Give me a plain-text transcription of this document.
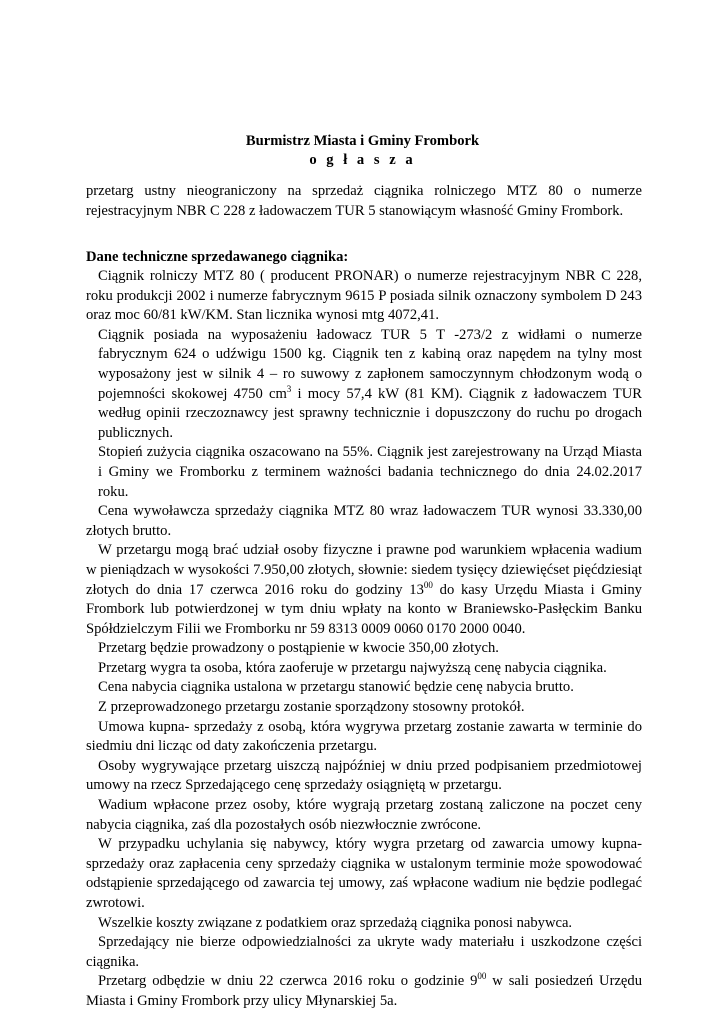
Burmistrz Miasta i Gminy Frombork
o g ł a s z a
przetarg ustny nieograniczony na sprzedaż ciągnika rolniczego MTZ 80 o numerze rejestracyjnym NBR C 228 z ładowaczem TUR 5 stanowiącym własność Gminy Frombork.
Dane techniczne sprzedawanego ciągnika:

Ciągnik rolniczy MTZ 80 ( producent PRONAR) o numerze rejestracyjnym NBR C 228, roku produkcji 2002 i numerze fabrycznym 9615 P posiada silnik oznaczony symbolem D 243 oraz moc 60/81 kW/KM. Stan licznika wynosi mtg 4072,41.

Ciągnik posiada na wyposażeniu ładowacz TUR 5 T -273/2 z widłami o numerze fabrycznym 624 o udźwigu 1500 kg. Ciągnik ten z kabiną oraz napędem na tylny most wyposażony jest w silnik 4 – ro suwowy z zapłonem samoczynnym chłodzonym wodą o pojemności skokowej 4750 $cm^3$ i mocy 57,4 kW (81 KM). Ciągnik z ładowaczem TUR według opinii rzeczoznawcy jest sprawny technicznie i dopuszczony do ruchu po drogach publicznych.

Stopień zużycia ciągnika oszacowano na 55%. Ciągnik jest zarejestrowany na Urząd Miasta i Gminy we Fromborku z terminem ważności badania technicznego do dnia 24.02.2017 roku.

Cena wywoławcza sprzedaży ciągnika MTZ 80 wraz ładowaczem TUR wynosi 33.330,00 złotych brutto.

W przetargu mogą brać udział osoby fizyczne i prawne pod warunkiem wpłacenia wadium w pieniądzach w wysokości 7.950,00 złotych, słownie: siedem tysięcy dziewięćset pięćdziesiąt złotych do dnia 17 czerwca 2016 roku do godziny $13^{00}$ do kasy Urzędu Miasta i Gminy Frombork lub potwierdzonej w tym dniu wpłaty na konto w Braniewsko-Pasłęckim Banku Spółdzielczym Filii we Fromborku nr 59 8313 0009 0060 0170 2000 0040.

Przetarg będzie prowadzony o postąpienie w kwocie 350,00 złotych.

Przetarg wygra ta osoba, która zaoferuje w przetargu najwyższą cenę nabycia ciągnika.

Cena nabycia ciągnika ustalona w przetargu stanowić będzie cenę nabycia brutto.

Z przeprowadzonego przetargu zostanie sporządzony stosowny protokół.

Umowa kupna- sprzedaży z osobą, która wygrywa przetarg zostanie zawarta w terminie do siedmiu dni licząc od daty zakończenia przetargu.

Osoby wygrywające przetarg uiszczą najpóźniej w dniu przed podpisaniem przedmiotowej umowy na rzecz Sprzedającego cenę sprzedaży osiągniętą w przetargu.

Wadium wpłacone przez osoby, które wygrają przetarg zostaną zaliczone na poczet ceny nabycia ciągnika, zaś dla pozostałych osób niezwłocznie zwrócone.

W przypadku uchylania się nabywcy, który wygra przetarg od zawarcia umowy kupna-sprzedaży oraz zapłacenia ceny sprzedaży ciągnika w ustalonym terminie może spowodować odstąpienie sprzedającego od zawarcia tej umowy, zaś wpłacone wadium nie będzie podlegać zwrotowi.

Wszelkie koszty związane z podatkiem oraz sprzedażą ciągnika ponosi nabywca.

Sprzedający nie bierze odpowiedzialności za ukryte wady materiału i uszkodzone części ciągnika.

Przetarg odbędzie w dniu 22 czerwca 2016 roku o godzinie $9^{00}$ w sali posiedzeń Urzędu Miasta i Gminy Frombork przy ulicy Młynarskiej 5a.
